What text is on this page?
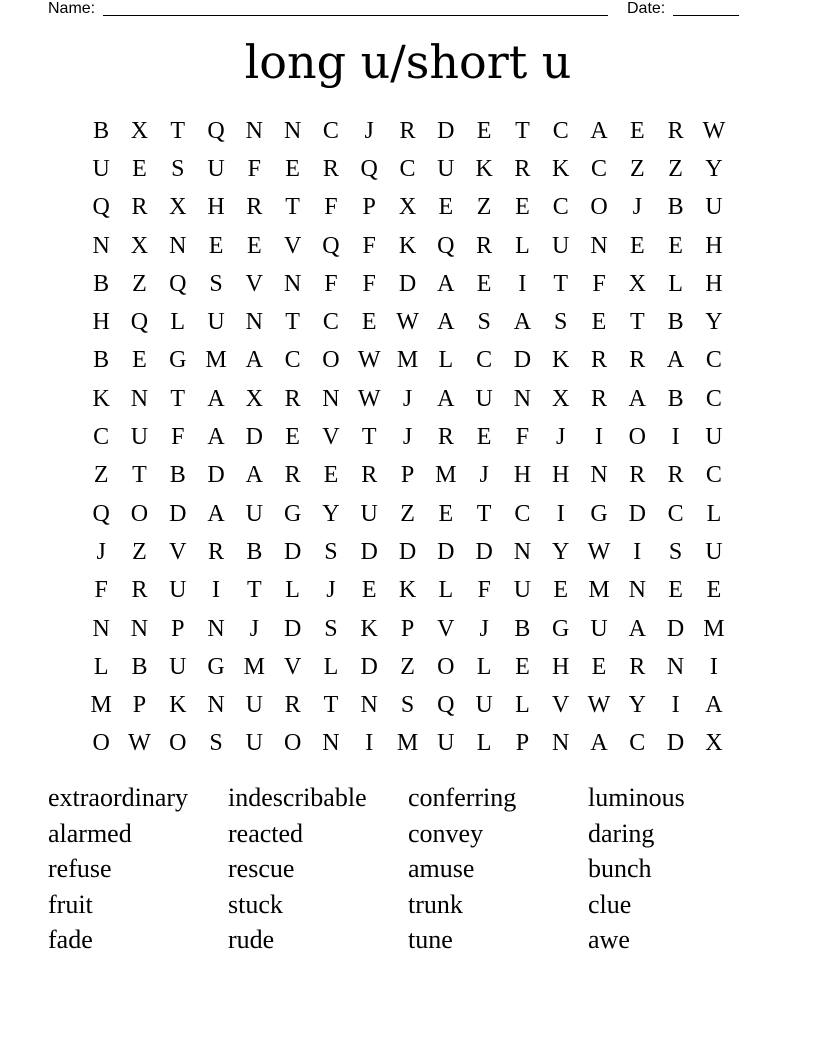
Name:	Date:
long u/short u
B X T Q N N C	J	R D E T C A E R W
U E	S U F	E R Q C U K R K C Z Z Y
Q R X H R T	F	P X E Z E C O	J	B U
N X N E E V Q F K Q R L U N E E H
B Z Q S V N F	F D A E	I	T	F X L H
H Q L U N T C E W A S A S	E T B Y
B E G M A C O W M L C D K R R A C
K N T A X R N W J	A U N X R A B C
C U F A D E V T	J	R E	F	J	I	O	I	U
Z T B D A R E R P M J	H H N R R C
Q O D A U G Y U Z E T C	I	G D C L
J	Z V R B D S D D D D N Y W I	S U
F R U	I	T L	J	E K L	F U E M N E E
N N P N	J	D S K P V	J	B G U A D M
L B U G M V L D Z O L E H E R N	I
M P K N U R T N S Q U L V W Y	I	A
O W O S U O N	I M U L	P N A C D X
extraordinary	indescribable	conferring	luminous
alarmed	reacted	convey	daring
refuse	rescue	amuse	bunch
fruit	stuck	trunk	clue
fade	rude	tune	awe
